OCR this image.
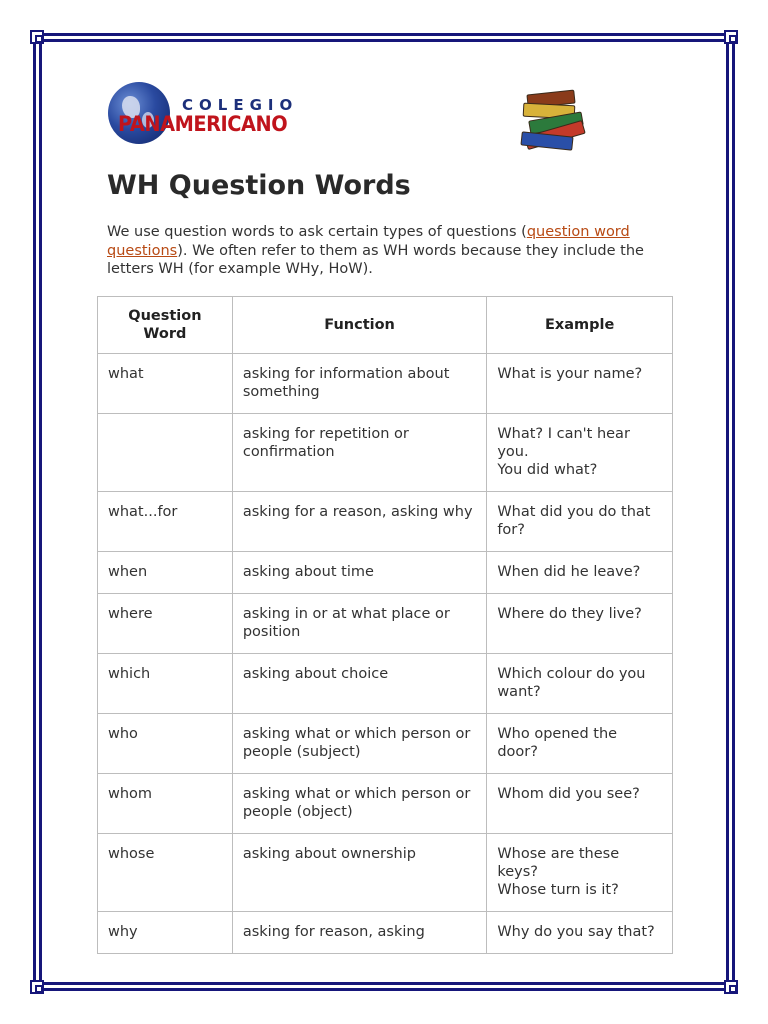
COLEGIO
PANAMERICANO
WH Question Words

We use question words to ask certain types of questions (question word questions). We often refer to them as WH words because they include the letters WH (for example WHy, HoW).

Question Word	Function	Example
what	asking for information about something	What is your name?

	asking for repetition or confirmation	What? I can't hear you.
You did what?

what...for	asking for a reason, asking why	What did you do that for?

when	asking about time	When did he leave?

where	asking in or at what place or position	Where do they live?

which	asking about choice	Which colour do you want?

who	asking what or which person or people (subject)	Who opened the door?

whom	asking what or which person or people (object)	Whom did you see?

whose	asking about ownership	Whose are these keys?
Whose turn is it?

why	asking for reason, asking	Why do you say that?
